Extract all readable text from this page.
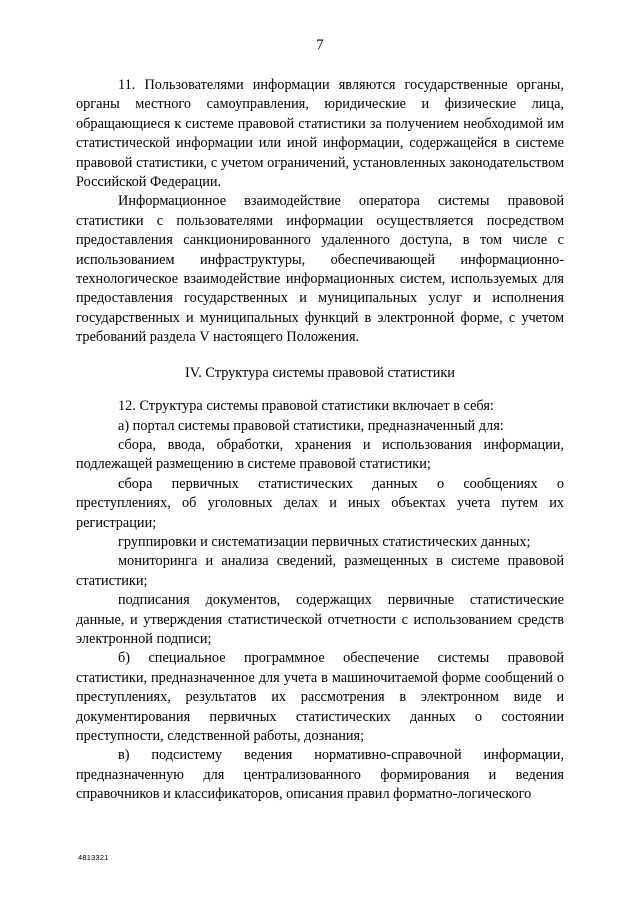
7

11. Пользователями информации являются государственные органы, органы местного самоуправления, юридические и физические лица, обращающиеся к системе правовой статистики за получением необходимой им статистической информации или иной информации, содержащейся в системе правовой статистики, с учетом ограничений, установленных законодательством Российской Федерации.

Информационное взаимодействие оператора системы правовой статистики с пользователями информации осуществляется посредством предоставления санкционированного удаленного доступа, в том числе с использованием инфраструктуры, обеспечивающей информационно-технологическое взаимодействие информационных систем, используемых для предоставления государственных и муниципальных услуг и исполнения государственных и муниципальных функций в электронной форме, с учетом требований раздела V настоящего Положения.

IV. Структура системы правовой статистики

12. Структура системы правовой статистики включает в себя:

а) портал системы правовой статистики, предназначенный для:

сбора, ввода, обработки, хранения и использования информации, подлежащей размещению в системе правовой статистики;

сбора первичных статистических данных о сообщениях о преступлениях, об уголовных делах и иных объектах учета путем их регистрации;

группировки и систематизации первичных статистических данных;

мониторинга и анализа сведений, размещенных в системе правовой статистики;

подписания документов, содержащих первичные статистические данные, и утверждения статистической отчетности с использованием средств электронной подписи;

б) специальное программное обеспечение системы правовой статистики, предназначенное для учета в машиночитаемой форме сообщений о преступлениях, результатов их рассмотрения в электронном виде и документирования первичных статистических данных о состоянии преступности, следственной работы, дознания;

в) подсистему ведения нормативно-справочной информации, предназначенную для централизованного формирования и ведения справочников и классификаторов, описания правил форматно-логического

4813321
